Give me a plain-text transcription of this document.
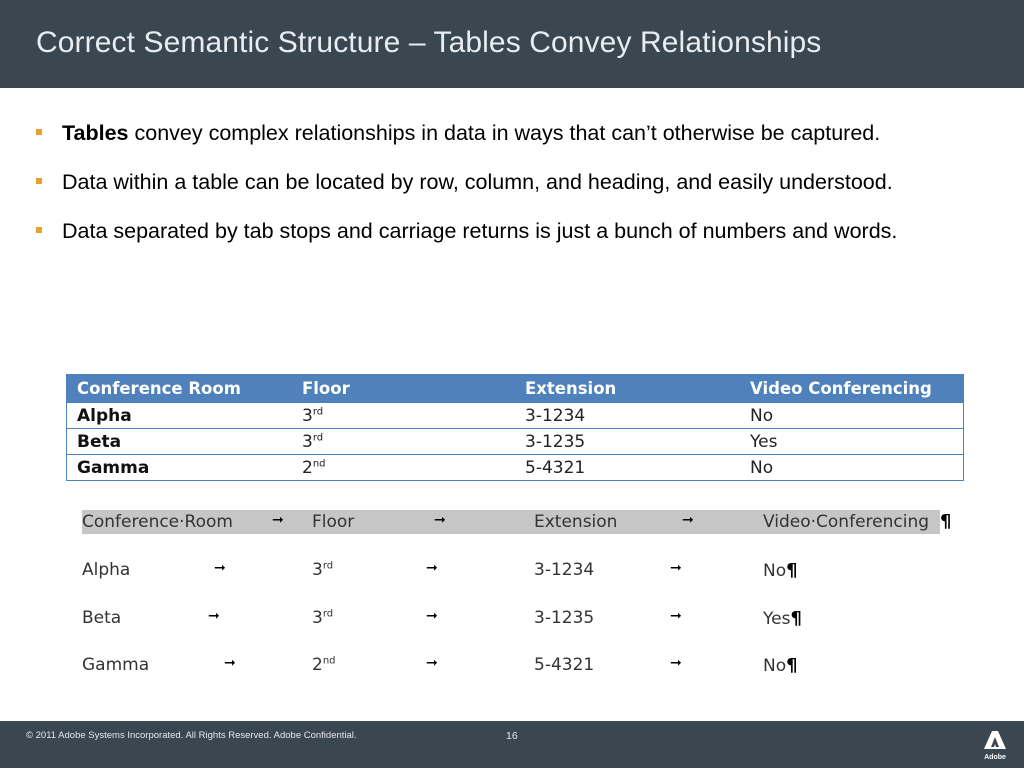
Correct Semantic Structure – Tables Convey Relationships
Tables convey complex relationships in data in ways that can’t otherwise be captured.
Data within a table can be located by row, column, and heading, and easily understood.
Data separated by tab stops and carriage returns is just a bunch of numbers and words.
Conference Room	Floor	Extension	Video Conferencing
Alpha	3rd	3-1234	No
Beta	3rd	3-1235	Yes
Gamma	2nd	5-4321	No
Conference·Room	Floor	Extension	Video·Conferencing
➞	➞	➞	¶
Alpha	3rd	3-1234	No¶
➞	➞	➞
Beta	3rd	3-1235	Yes¶
➞	➞	➞
Gamma	2nd	5-4321	No¶
➞	➞	➞
© 2011 Adobe Systems Incorporated. All Rights Reserved. Adobe Confidential.	16
Adobe
